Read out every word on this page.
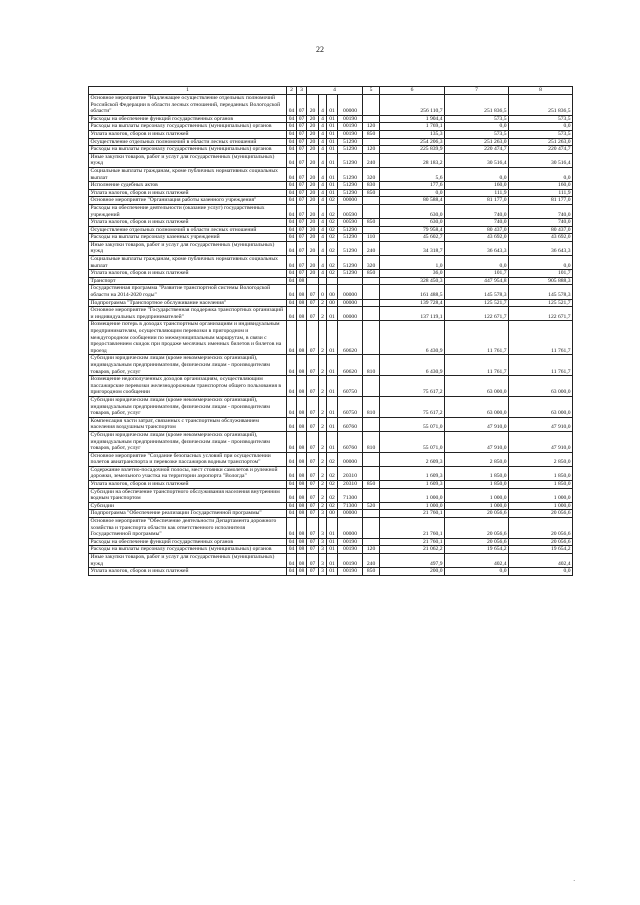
22
1	2	3	4				5	6	7	8
Основное мероприятие "Надлежащее осуществление отдельных полномочий Российской Федерации в области лесных отношений, переданных Вологодской области"	04	07	20	4	01	00000		256 110,7	251 836,5	251 836,5
Расходы на обеспечение функций государственных органов	04	07	20	4	01	00190		1 904,4	573,5	573,5
Расходы на выплаты персоналу государственных (муниципальных) органов	04	07	20	4	01	00190	120	1 769,1	0,0	0,0
Уплата налогов, сборов и иных платежей	04	07	20	4	01	00190	850	135,3	573,5	573,5
Осуществление отдельных полномочий в области лесных отношений	04	07	20	4	01	51290		254 206,3	251 263,0	251 263,0
Расходы на выплаты персоналу государственных (муниципальных) органов	04	07	20	4	01	51290	120	225 839,9	220 474,7	220 474,7
Иные закупки товаров, работ и услуг для государственных (муниципальных) нужд	04	07	20	4	01	51290	240	28 183,2	30 516,4	30 516,4
Социальные выплаты гражданам, кроме публичных нормативных социальных выплат	04	07	20	4	01	51290	320	5,6	0,0	0,0
Исполнение судебных актов	04	07	20	4	01	51290	830	177,6	160,0	160,0
Уплата налогов, сборов и иных платежей	04	07	20	4	01	51290	850	0,0	111,9	111,9
Основное мероприятие "Организация работы казенного учреждения"	04	07	20	4	02	00000		80 588,4	81 177,0	81 177,0
Расходы на обеспечение деятельности (оказание услуг) государственных учреждений	04	07	20	4	02	00590		630,0	740,0	740,0
Уплата налогов, сборов и иных платежей	04	07	20	4	02	00590	850	630,0	740,0	740,0
Осуществление отдельных полномочий в области лесных отношений	04	07	20	4	02	51290		79 958,4	80 437,0	80 437,0
Расходы на выплаты персоналу казенных учреждений	04	07	20	4	02	51290	110	45 602,7	43 692,0	43 692,0
Иные закупки товаров, работ и услуг для государственных (муниципальных) нужд	04	07	20	4	02	51290	240	34 318,7	36 643,3	36 643,3
Социальные выплаты гражданам, кроме публичных нормативных социальных выплат	04	07	20	4	02	51290	320	1,0	0,0	0,0
Уплата налогов, сборов и иных платежей	04	07	20	4	02	51290	850	36,0	101,7	101,7
Транспорт	04	08						328 450,3	447 954,8	905 888,3
Государственная программа "Развитие транспортной системы Вологодской области на 2014-2020 годы"	04	08	07	0	00	00000		161 488,5	145 578,3	145 578,3
Подпрограмма "Транспортное обслуживание населения"	04	08	07	2	00	00000		139 728,4	125 521,7	125 521,7
Основное мероприятие "Государственная поддержка транспортных организаций и индивидуальных предпринимателей"	04	08	07	2	01	00000		137 119,1	122 671,7	122 671,7
Возмещение потерь в доходах транспортным организациям и индивидуальным предпринимателям, осуществляющим перевозки в пригородном и междугородном сообщении по межмуниципальным маршрутам, в связи с предоставлением скидок при продаже месячных именных билетов и билетов на проезд	04	08	07	2	01	60620		6 430,9	11 761,7	11 761,7
Субсидии юридическим лицам (кроме некоммерческих организаций), индивидуальным предпринимателям, физическим лицам - производителям товаров, работ, услуг	04	08	07	2	01	60620	810	6 430,9	11 761,7	11 761,7
Возмещение недополученных доходов организациям, осуществляющим пассажирские перевозки железнодорожным транспортом общего пользования в пригородном сообщении	04	08	07	2	01	60750		75 617,2	63 000,0	63 000,0
Субсидии юридическим лицам (кроме некоммерческих организаций), индивидуальным предпринимателям, физическим лицам - производителям товаров, работ, услуг	04	08	07	2	01	60750	810	75 617,2	63 000,0	63 000,0
Компенсация части затрат, связанных с транспортным обслуживанием населения воздушным транспортом	04	08	07	2	01	60760		55 071,0	47 910,0	47 910,0
Субсидии юридическим лицам (кроме некоммерческих организаций), индивидуальным предпринимателям, физическим лицам - производителям товаров, работ, услуг	04	08	07	2	01	60760	810	55 071,0	47 910,0	47 910,0
Основное мероприятие "Создание безопасных условий при осуществлении полетов авиатранспорта и перевозке пассажиров водным транспортом"	04	08	07	2	02	00000		2 609,3	2 850,0	2 850,0
Содержание взлетно-посадочной полосы, мест стоянки самолетов и рулежной дорожки, земельного участка на территории аэропорта "Вологда"	04	08	07	2	02	20310		1 609,3	1 850,0	1 850,0
Уплата налогов, сборов и иных платежей	04	08	07	2	02	20310	850	1 609,3	1 850,0	1 850,0
Субсидии на обеспечение транспортного обслуживания населения внутренним водным транспортом	04	08	07	2	02	71300		1 000,0	1 000,0	1 000,0
Субсидии	04	08	07	2	02	71300	520	1 000,0	1 000,0	1 000,0
Подпрограмма "Обеспечение реализации Государственной программы"	04	08	07	3	00	00000		21 760,1	20 056,6	20 056,6
Основное мероприятие "Обеспечение деятельности Департамента дорожного хозяйства и транспорта области как ответственного исполнителя Государственной программы"	04	08	07	3	01	00000		21 760,1	20 056,6	20 056,6
Расходы на обеспечение функций государственных органов	04	08	07	3	01	00190		21 760,1	20 056,6	20 056,6
Расходы на выплаты персоналу государственных (муниципальных) органов	04	08	07	3	01	00190	120	21 062,2	19 654,2	19 654,2
Иные закупки товаров, работ и услуг для государственных (муниципальных) нужд	04	08	07	3	01	00190	240	497,9	402,4	402,4
Уплата налогов, сборов и иных платежей	04	08	07	3	01	00190	850	200,0	0,0	0,0
·
